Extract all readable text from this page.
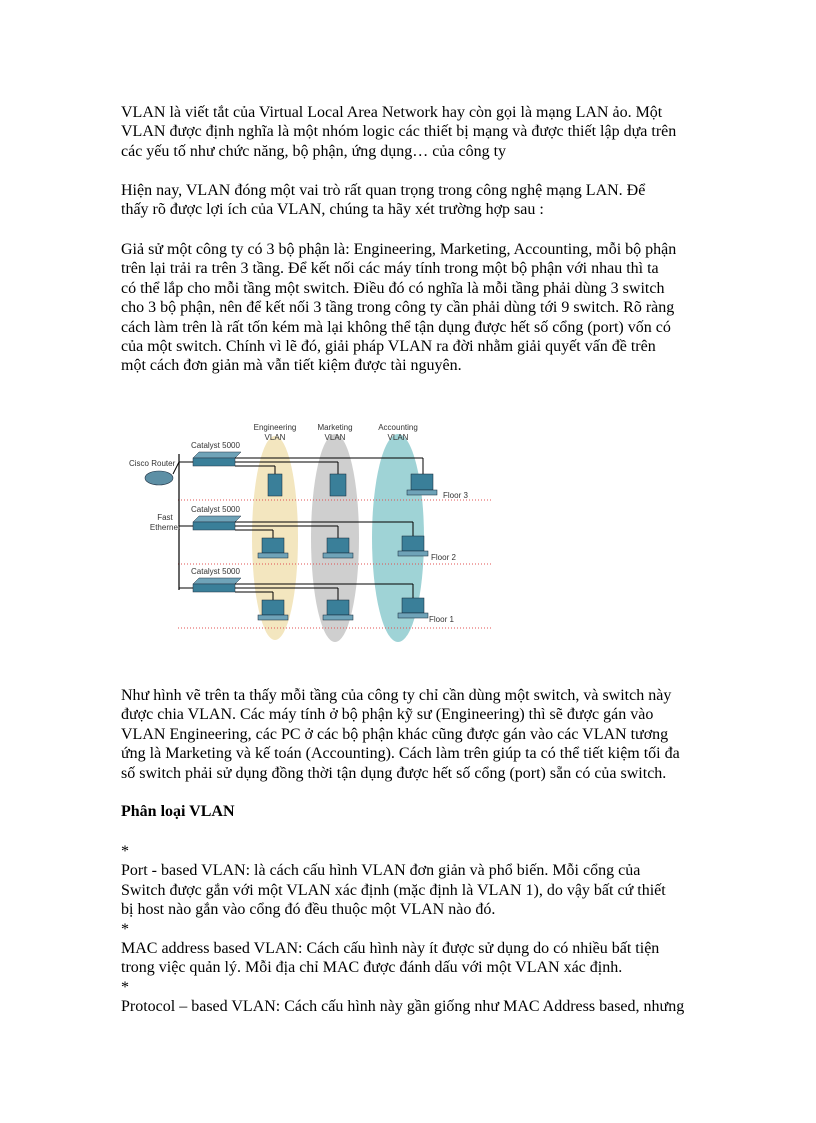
VLAN là viết tắt của Virtual Local Area Network hay còn gọi là mạng LAN ảo. Một
VLAN được định nghĩa là một nhóm logic các thiết bị mạng và được thiết lập dựa trên
các yếu tố như chức năng, bộ phận, ứng dụng… của công ty

Hiện nay, VLAN đóng một vai trò rất quan trọng trong công nghệ mạng LAN. Để
thấy rõ được lợi ích của VLAN, chúng ta hãy xét trường hợp sau :

Giả sử một công ty có 3 bộ phận là: Engineering, Marketing, Accounting, mỗi bộ phận
trên lại trải ra trên 3 tầng. Để kết nối các máy tính trong một bộ phận với nhau thì ta
có thể lắp cho mỗi tầng một switch. Điều đó có nghĩa là mỗi tầng phải dùng 3 switch
cho 3 bộ phận, nên để kết nối 3 tầng trong công ty cần phải dùng tới 9 switch. Rõ ràng
cách làm trên là rất tốn kém mà lại không thể tận dụng được hết số cổng (port) vốn có
của một switch. Chính vì lẽ đó, giải pháp VLAN ra đời nhằm giải quyết vấn đề trên
một cách đơn giản mà vẫn tiết kiệm được tài nguyên.

Engineering
VLAN
Marketing
VLAN
Accounting
VLAN
Floor 3
Floor 2
Floor 1
Fast
Ethernet
Cisco Router
Catalyst 5000
Catalyst 5000
Catalyst 5000

Như hình vẽ trên ta thấy mỗi tầng của công ty chỉ cần dùng một switch, và switch này
được chia VLAN. Các máy tính ở bộ phận kỹ sư (Engineering) thì sẽ được gán vào
VLAN Engineering, các PC ở các bộ phận khác cũng được gán vào các VLAN tương
ứng là Marketing và kế toán (Accounting). Cách làm trên giúp ta có thể tiết kiệm tối đa
số switch phải sử dụng đồng thời tận dụng được hết số cổng (port) sẵn có của switch.

Phân loại VLAN

*
Port - based VLAN: là cách cấu hình VLAN đơn giản và phổ biến. Mỗi cổng của
Switch được gắn với một VLAN xác định (mặc định là VLAN 1), do vậy bất cứ thiết
bị host nào gắn vào cổng đó đều thuộc một VLAN nào đó.
*
MAC address based VLAN: Cách cấu hình này ít được sử dụng do có nhiều bất tiện
trong việc quản lý. Mỗi địa chỉ MAC được đánh dấu với một VLAN xác định.
*
Protocol – based VLAN: Cách cấu hình này gần giống như MAC Address based, nhưng
